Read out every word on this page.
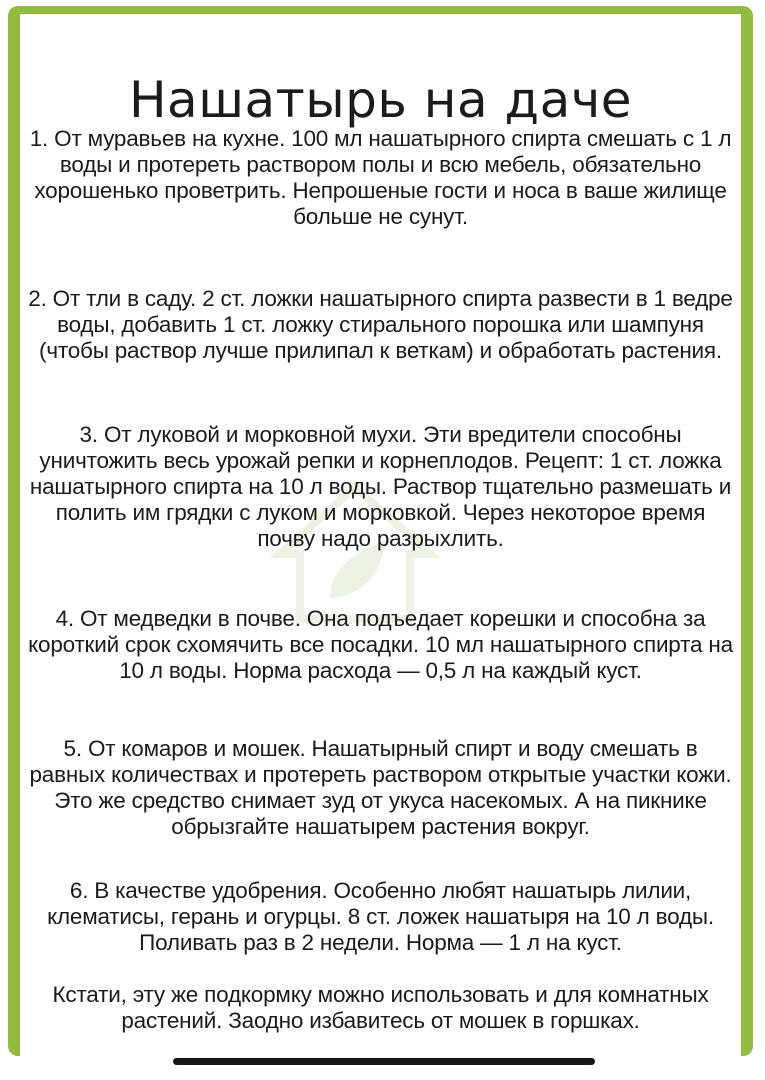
Нашатырь на даче

1. От муравьев на кухне. 100 мл нашатырного спирта смешать с 1 л воды и протереть раствором полы и всю мебель, обязательно хорошенько проветрить. Непрошеные гости и носа в ваше жилище больше не сунут.

2. От тли в саду. 2 ст. ложки нашатырного спирта развести в 1 ведре воды, добавить 1 ст. ложку стирального порошка или шампуня (чтобы раствор лучше прилипал к веткам) и обработать растения.

3. От луковой и морковной мухи. Эти вредители способны уничтожить весь урожай репки и корнеплодов. Рецепт: 1 ст. ложка нашатырного спирта на 10 л воды. Раствор тщательно размешать и полить им грядки с луком и морковкой. Через некоторое время почву надо разрыхлить.

4. От медведки в почве. Она подъедает корешки и способна за короткий срок схомячить все посадки. 10 мл нашатырного спирта на 10 л воды. Норма расхода — 0,5 л на каждый куст.

5. От комаров и мошек. Нашатырный спирт и воду смешать в равных количествах и протереть раствором открытые участки кожи. Это же средство снимает зуд от укуса насекомых. А на пикнике обрызгайте нашатырем растения вокруг.

6. В качестве удобрения. Особенно любят нашатырь лилии, клематисы, герань и огурцы. 8 ст. ложек нашатыря на 10 л воды. Поливать раз в 2 недели. Норма — 1 л на куст.

Кстати, эту же подкормку можно использовать и для комнатных растений. Заодно избавитесь от мошек в горшках.
